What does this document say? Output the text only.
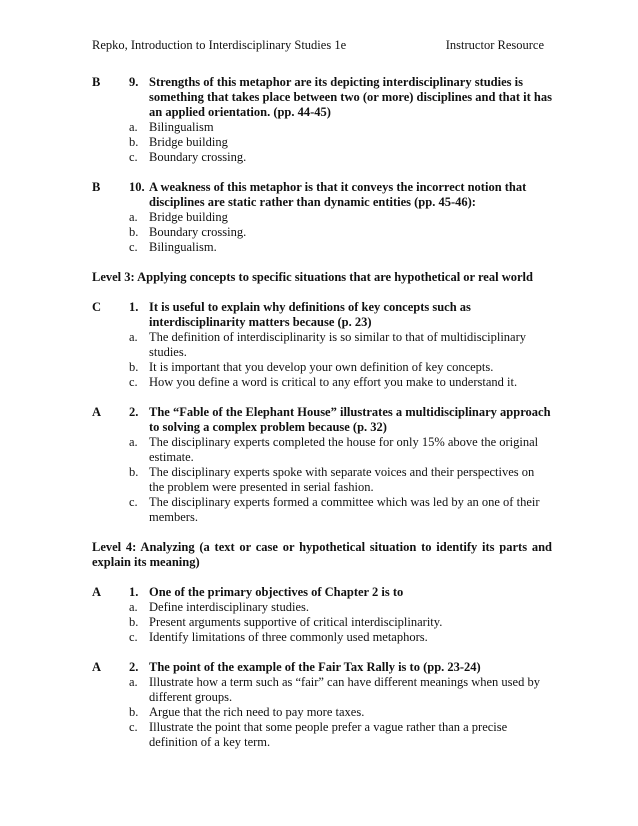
Repko, Introduction to Interdisciplinary Studies 1e	Instructor Resource
B 9. Strengths of this metaphor are its depicting interdisciplinary studies is something that takes place between two (or more) disciplines and that it has an applied orientation. (pp. 44-45)
a. Bilingualism
b. Bridge building
c. Boundary crossing.
B 10. A weakness of this metaphor is that it conveys the incorrect notion that disciplines are static rather than dynamic entities (pp. 45-46):
a. Bridge building
b. Boundary crossing.
c. Bilingualism.
Level 3: Applying concepts to specific situations that are hypothetical or real world
C 1. It is useful to explain why definitions of key concepts such as interdisciplinarity matters because (p. 23)
a. The definition of interdisciplinarity is so similar to that of multidisciplinary studies.
b. It is important that you develop your own definition of key concepts.
c. How you define a word is critical to any effort you make to understand it.
A 2. The “Fable of the Elephant House” illustrates a multidisciplinary approach to solving a complex problem because (p. 32)
a. The disciplinary experts completed the house for only 15% above the original estimate.
b. The disciplinary experts spoke with separate voices and their perspectives on the problem were presented in serial fashion.
c. The disciplinary experts formed a committee which was led by an one of their members.
Level 4: Analyzing (a text or case or hypothetical situation to identify its parts and explain its meaning)
A 1. One of the primary objectives of Chapter 2 is to
a. Define interdisciplinary studies.
b. Present arguments supportive of critical interdisciplinarity.
c. Identify limitations of three commonly used metaphors.
A 2. The point of the example of the Fair Tax Rally is to (pp. 23-24)
a. Illustrate how a term such as “fair” can have different meanings when used by different groups.
b. Argue that the rich need to pay more taxes.
c. Illustrate the point that some people prefer a vague rather than a precise definition of a key term.
